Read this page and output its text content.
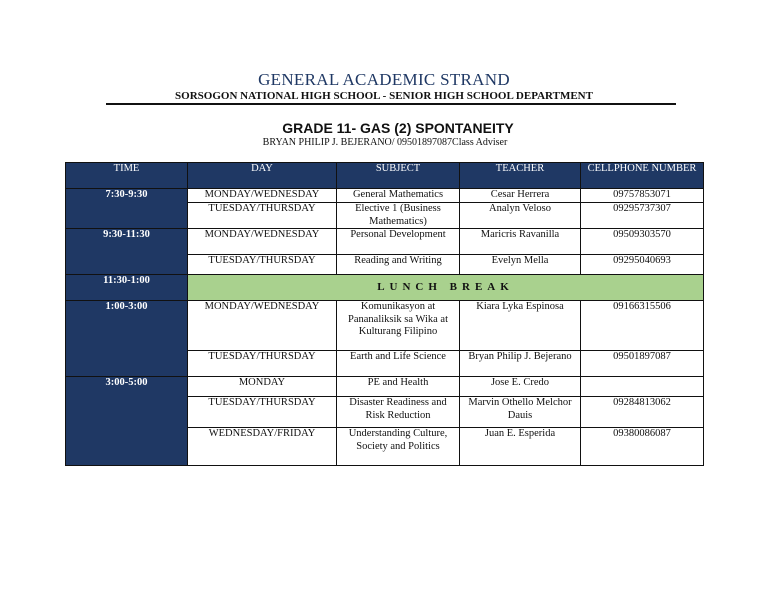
GENERAL ACADEMIC STRAND
SORSOGON NATIONAL HIGH SCHOOL - SENIOR HIGH SCHOOL DEPARTMENT
GRADE 11- GAS (2) SPONTANEITY
BRYAN PHILIP J. BEJERANO/ 09501897087Class Adviser
TIME	DAY	SUBJECT	TEACHER	CELLPHONE NUMBER
7:30-9:30	MONDAY/WEDNESDAY	General Mathematics	Cesar Herrera	09757853071
	TUESDAY/THURSDAY	Elective 1 (Business Mathematics)	Analyn Veloso	09295737307
9:30-11:30	MONDAY/WEDNESDAY	Personal Development	Maricris Ravanilla	09509303570
	TUESDAY/THURSDAY	Reading and Writing	Evelyn Mella	09295040693
11:30-1:00	LUNCH BREAK			
1:00-3:00	MONDAY/WEDNESDAY	Komunikasyon at Pananaliksik sa Wika at Kulturang Filipino	Kiara Lyka Espinosa	09166315506
	TUESDAY/THURSDAY	Earth and Life Science	Bryan Philip J. Bejerano	09501897087
3:00-5:00	MONDAY	PE and Health	Jose E. Credo	
	TUESDAY/THURSDAY	Disaster Readiness and Risk Reduction	Marvin Othello Melchor Dauis	09284813062
	WEDNESDAY/FRIDAY	Understanding Culture, Society and Politics	Juan E. Esperida	09380086087
